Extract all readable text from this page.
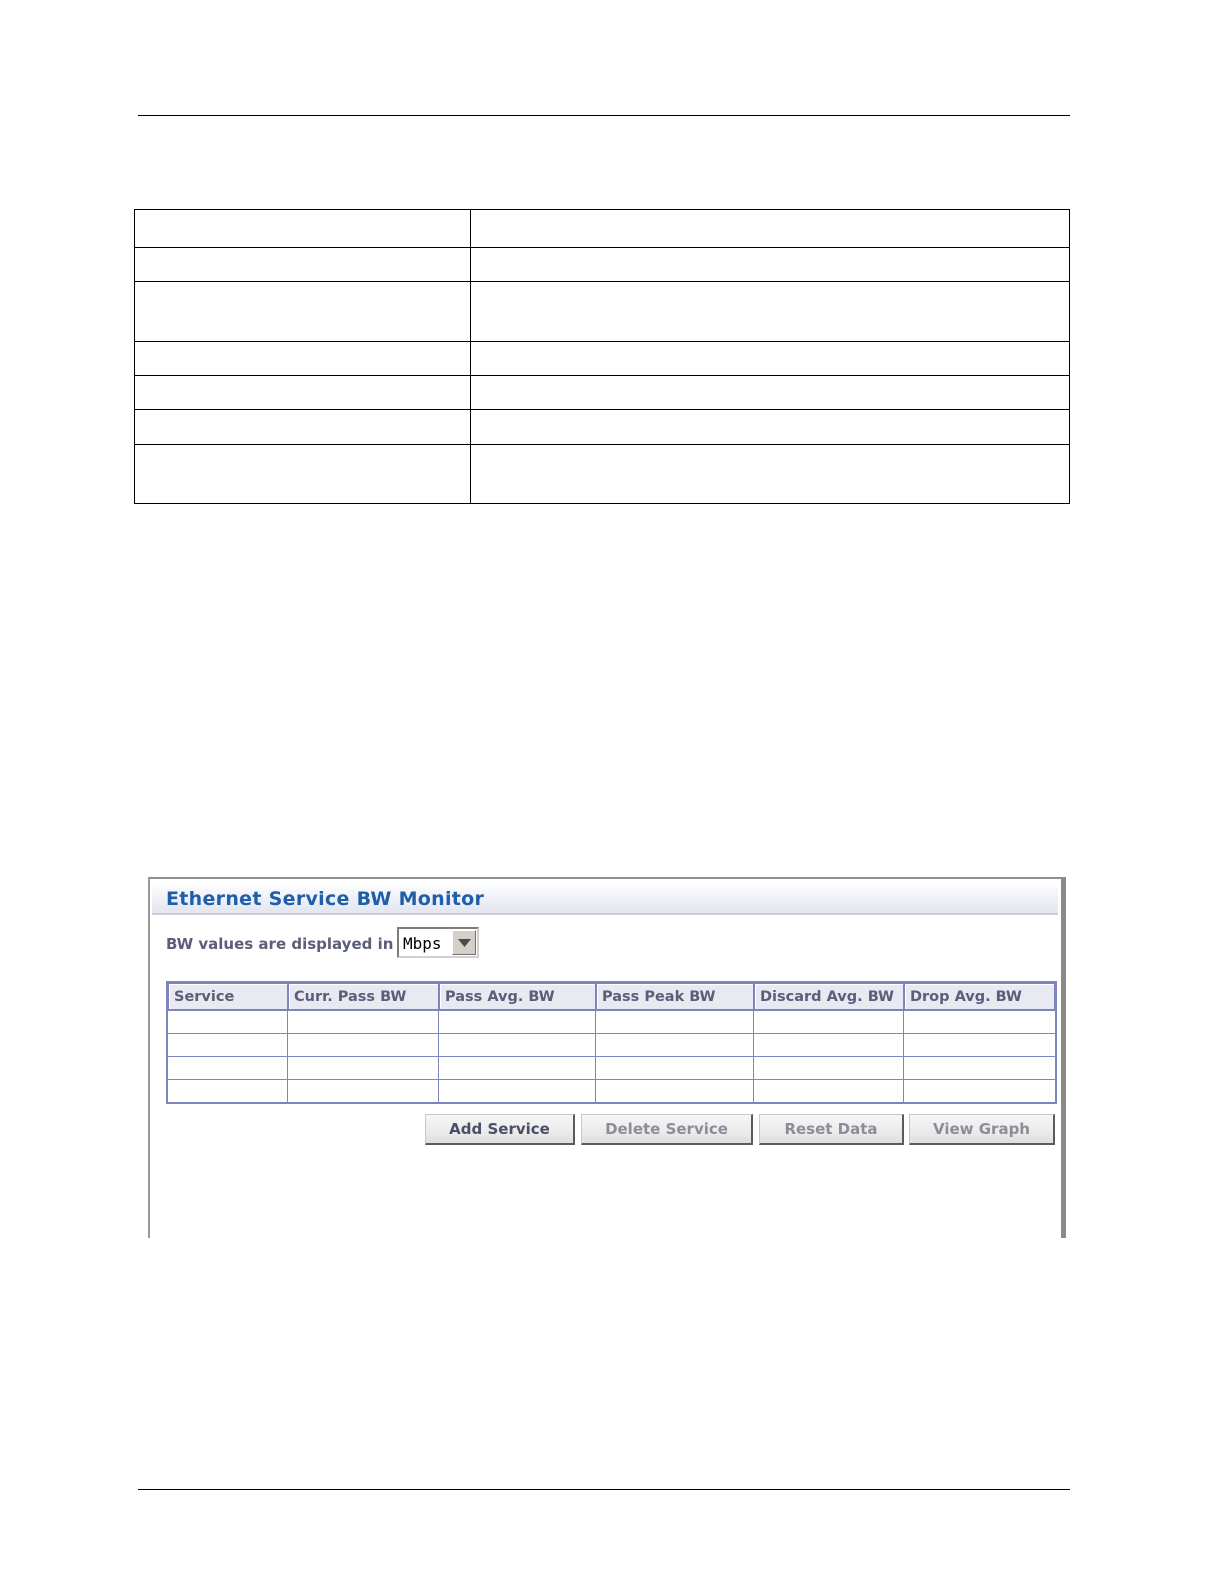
Ethernet Service BW Monitor
BW values are displayed in Mbps
Service	Curr. Pass BW	Pass Avg. BW	Pass Peak BW	Discard Avg. BW	Drop Avg. BW

Add Service	Delete Service	Reset Data	View Graph
